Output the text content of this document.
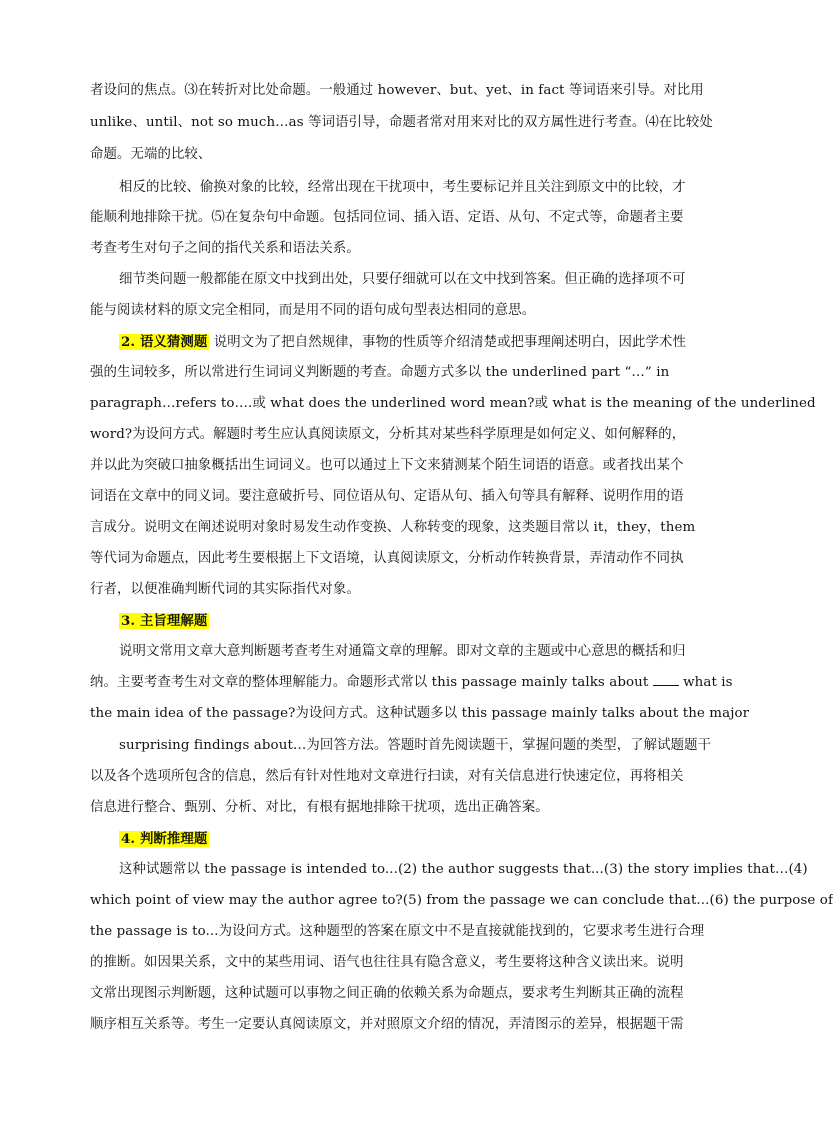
者设问的焦点。⑶在转折对比处命题。一般通过 however、but、yet、in fact 等词语来引导。对比用
unlike、until、not so much…as 等词语引导，命题者常对用来对比的双方属性进行考查。⑷在比较处
命题。无端的比较、
相反的比较、偷换对象的比较，经常出现在干扰项中，考生要标记并且关注到原文中的比较，才
能顺利地排除干扰。⑸在复杂句中命题。包括同位词、插入语、定语、从句、不定式等，命题者主要
考查考生对句子之间的指代关系和语法关系。
细节类问题一般都能在原文中找到出处，只要仔细就可以在文中找到答案。但正确的选择项不可
能与阅读材料的原文完全相同，而是用不同的语句成句型表达相同的意思。
2. 语义猜测题 说明文为了把自然规律，事物的性质等介绍清楚或把事理阐述明白，因此学术性
强的生词较多，所以常进行生词词义判断题的考查。命题方式多以 the underlined part “…” in
paragraph…refers to….或 what does the underlined word mean?或 what is the meaning of the underlined
word?为设问方式。解题时考生应认真阅读原文，分析其对某些科学原理是如何定义、如何解释的，
并以此为突破口抽象概括出生词词义。也可以通过上下文来猜测某个陌生词语的语意。或者找出某个
词语在文章中的同义词。要注意破折号、同位语从句、定语从句、插入句等具有解释、说明作用的语
言成分。说明文在阐述说明对象时易发生动作变换、人称转变的现象，这类题目常以 it，they，them
等代词为命题点，因此考生要根据上下文语境，认真阅读原文，分析动作转换背景，弄清动作不同执
行者，以便准确判断代词的其实际指代对象。
3. 主旨理解题
说明文常用文章大意判断题考查考生对通篇文章的理解。即对文章的主题或中心意思的概括和归
纳。主要考查考生对文章的整体理解能力。命题形式常以 this passage mainly talks about	what is
the main idea of the passage?为设问方式。这种试题多以 this passage mainly talks about the major
surprising findings about…为回答方法。答题时首先阅读题干，掌握问题的类型，了解试题题干
以及各个选项所包含的信息，然后有针对性地对文章进行扫读，对有关信息进行快速定位，再将相关
信息进行整合、甄别、分析、对比，有根有据地排除干扰项，选出正确答案。
4. 判断推理题
这种试题常以 the passage is intended to...(2) the author suggests that...(3) the story implies that…(4)
which point of view may the author agree to?(5) from the passage we can conclude that...(6) the purpose of
the passage is to...为设问方式。这种题型的答案在原文中不是直接就能找到的，它要求考生进行合理
的推断。如因果关系，文中的某些用词、语气也往往具有隐含意义，考生要将这种含义读出来。说明
文常出现图示判断题，这种试题可以事物之间正确的依赖关系为命题点，要求考生判断其正确的流程
顺序相互关系等。考生一定要认真阅读原文，并对照原文介绍的情况，弄清图示的差异，根据题干需
